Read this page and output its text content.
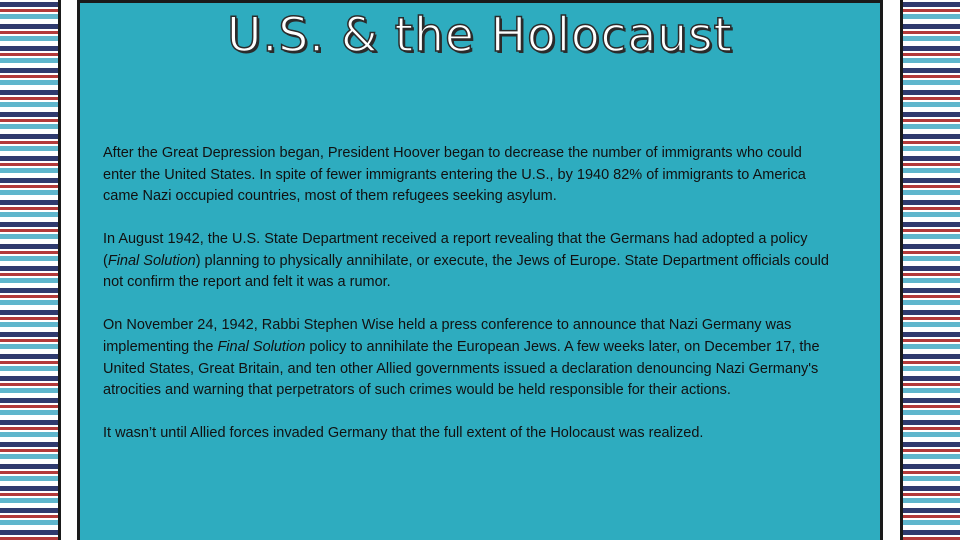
U.S. & the Holocaust

After the Great Depression began, President Hoover began to decrease the number of immigrants who could enter the United States. In spite of fewer immigrants entering the U.S., by 1940 82% of immigrants to America came Nazi occupied countries, most of them refugees seeking asylum.

In August 1942, the U.S. State Department received a report revealing that the Germans had adopted a policy (Final Solution) planning to physically annihilate, or execute, the Jews of Europe. State Department officials could not confirm the report and felt it was a rumor.

On November 24, 1942, Rabbi Stephen Wise held a press conference to announce that Nazi Germany was implementing the Final Solution policy to annihilate the European Jews. A few weeks later, on December 17, the United States, Great Britain, and ten other Allied governments issued a declaration denouncing Nazi Germany's atrocities and warning that perpetrators of such crimes would be held responsible for their actions.

It wasn’t until Allied forces invaded Germany that the full extent of the Holocaust was realized.
